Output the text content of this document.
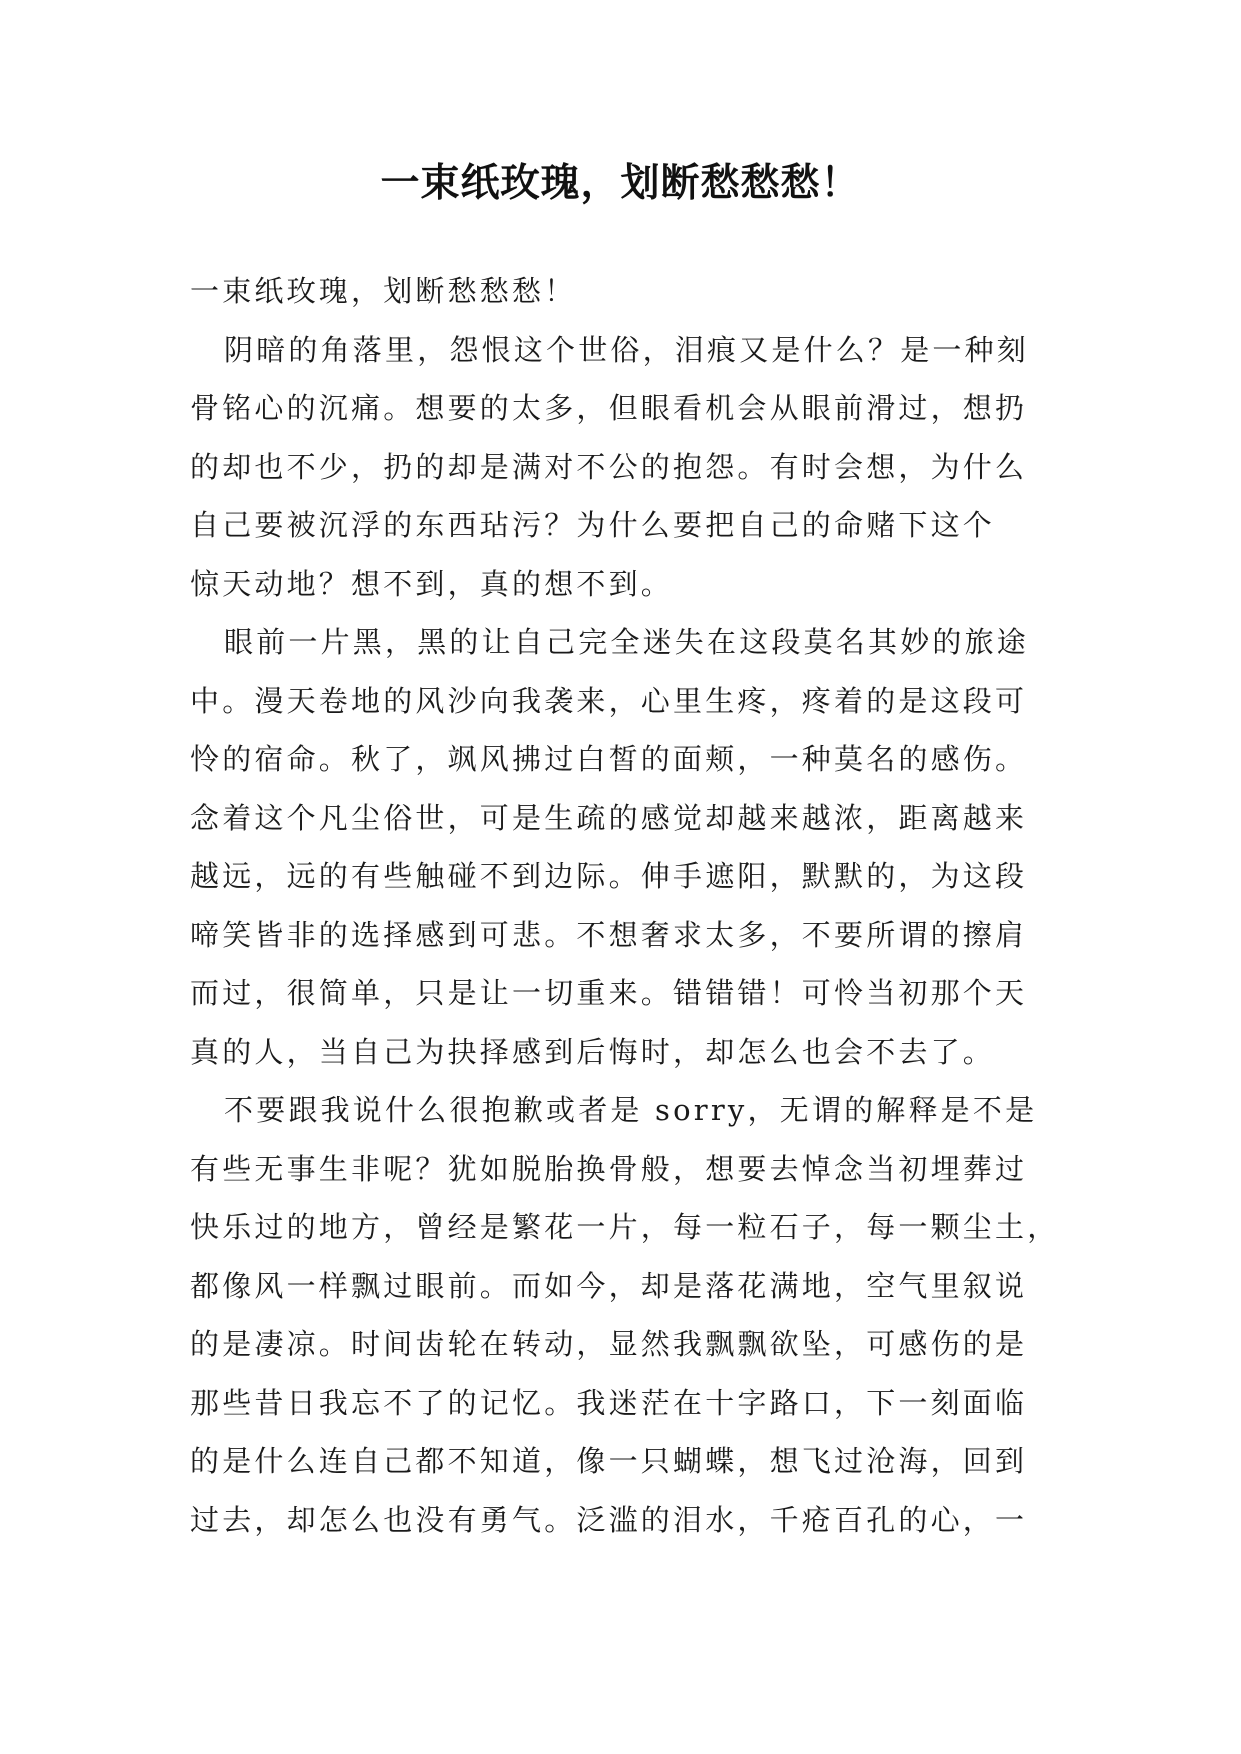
一束纸玫瑰，划断愁愁愁！
一束纸玫瑰，划断愁愁愁！
阴暗的角落里，怨恨这个世俗，泪痕又是什么？是一种刻
骨铭心的沉痛。想要的太多，但眼看机会从眼前滑过，想扔
的却也不少，扔的却是满对不公的抱怨。有时会想，为什么
自己要被沉浮的东西玷污？为什么要把自己的命赌下这个
惊天动地？想不到，真的想不到。
眼前一片黑，黑的让自己完全迷失在这段莫名其妙的旅途
中。漫天卷地的风沙向我袭来，心里生疼，疼着的是这段可
怜的宿命。秋了，飒风拂过白皙的面颊，一种莫名的感伤。
念着这个凡尘俗世，可是生疏的感觉却越来越浓，距离越来
越远，远的有些触碰不到边际。伸手遮阳，默默的，为这段
啼笑皆非的选择感到可悲。不想奢求太多，不要所谓的擦肩
而过，很简单，只是让一切重来。错错错！可怜当初那个天
真的人，当自己为抉择感到后悔时，却怎么也会不去了。
不要跟我说什么很抱歉或者是 sorry，无谓的解释是不是
有些无事生非呢？犹如脱胎换骨般，想要去悼念当初埋葬过
快乐过的地方，曾经是繁花一片，每一粒石子，每一颗尘土，
都像风一样飘过眼前。而如今，却是落花满地，空气里叙说
的是凄凉。时间齿轮在转动，显然我飘飘欲坠，可感伤的是
那些昔日我忘不了的记忆。我迷茫在十字路口，下一刻面临
的是什么连自己都不知道，像一只蝴蝶，想飞过沧海，回到
过去，却怎么也没有勇气。泛滥的泪水，千疮百孔的心，一
